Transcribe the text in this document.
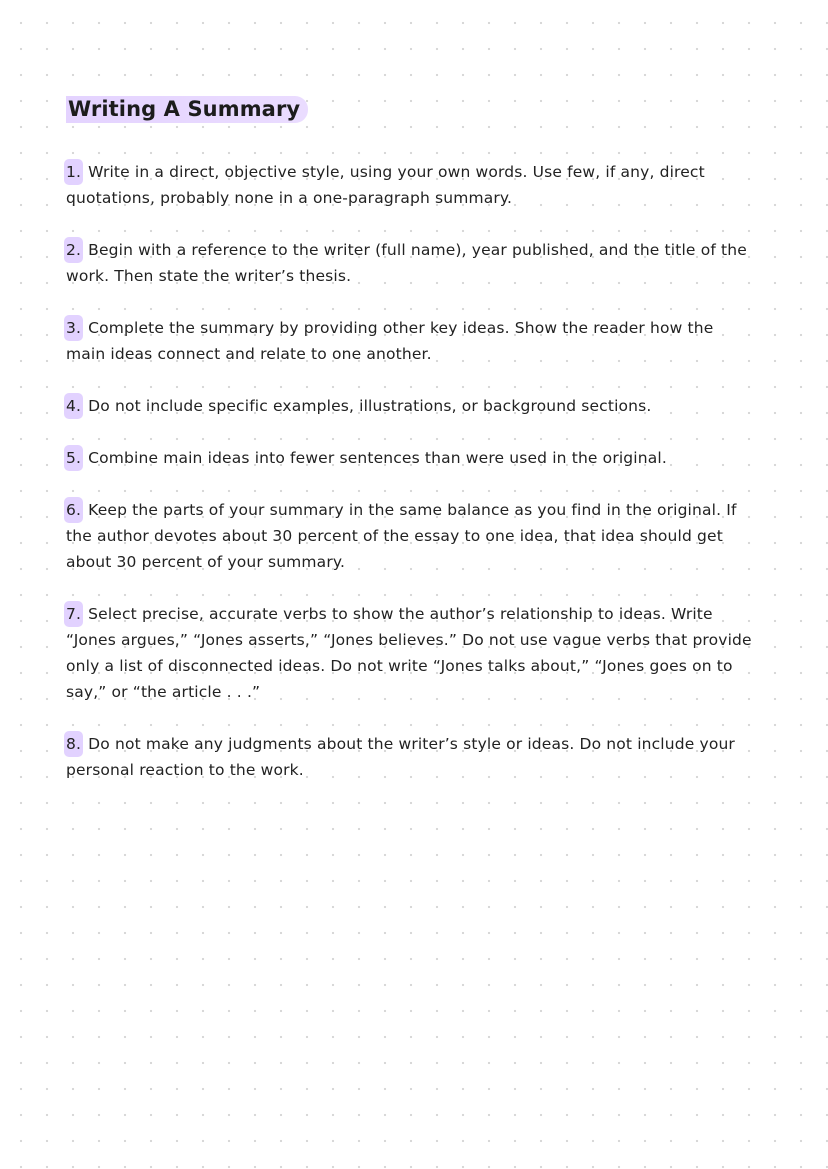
Writing A Summary
1. Write in a direct, objective style, using your own words. Use few, if any, direct quotations, probably none in a one-paragraph summary.
2. Begin with a reference to the writer (full name), year published, and the title of the work. Then state the writer’s thesis.
3. Complete the summary by providing other key ideas. Show the reader how the main ideas connect and relate to one another.
4. Do not include specific examples, illustrations, or background sections.
5. Combine main ideas into fewer sentences than were used in the original.
6. Keep the parts of your summary in the same balance as you find in the original. If the author devotes about 30 percent of the essay to one idea, that idea should get about 30 percent of your summary.
7. Select precise, accurate verbs to show the author’s relationship to ideas. Write “Jones argues,” “Jones asserts,” “Jones believes.” Do not use vague verbs that provide only a list of disconnected ideas. Do not write “Jones talks about,” “Jones goes on to say,” or “the article . . .”
8. Do not make any judgments about the writer’s style or ideas. Do not include your personal reaction to the work.
